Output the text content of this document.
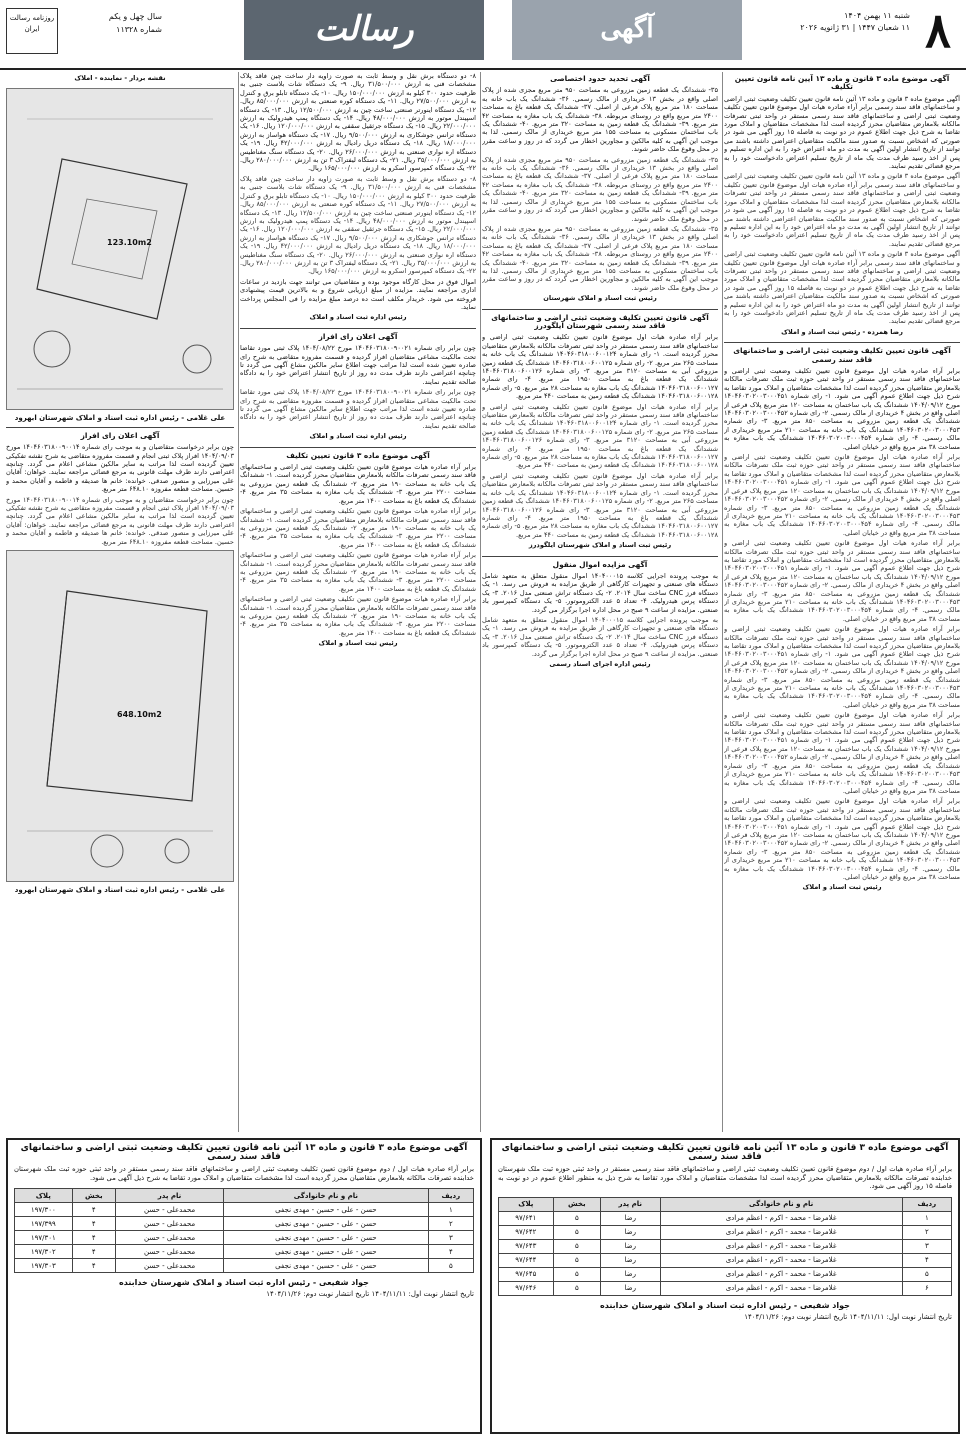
۸
شنبه ۱۱ بهمن ۱۴۰۴
۱۱ شعبان ۱۴۴۷ | ۳۱ ژانویه ۲۰۲۶
آگهی
رسالت
سال چهل و یکم
شماره ۱۱۳۲۸
روزنامه رسالت ایران
آگهی موضوع ماده ۳ قانون و ماده ۱۳ آیین نامه قانون تعیین تکلیف

آگهی موضوع ماده ۳ قانون و ماده ۱۳ آئین نامه قانون تعیین تکلیف وضعیت ثبتی اراضی و ساختمانهای فاقد سند رسمی برابر آراء صادره هیات اول موضوع قانون تعیین تکلیف وضعیت ثبتی اراضی و ساختمانهای فاقد سند رسمی مستقر در واحد ثبتی تصرفات مالکانه بلامعارض متقاضیان محرز گردیده است لذا مشخصات متقاضیان و املاک مورد تقاضا به شرح ذیل جهت اطلاع عموم در دو نوبت به فاصله ۱۵ روز آگهی می شود در صورتی که اشخاص نسبت به صدور سند مالکیت متقاضیان اعتراضی داشته باشند می توانند از تاریخ انتشار اولین آگهی به مدت دو ماه اعتراض خود را به این اداره تسلیم و پس از اخذ رسید ظرف مدت یک ماه از تاریخ تسلیم اعتراض دادخواست خود را به مرجع قضائی تقدیم نمایند.

آگهی موضوع ماده ۳ قانون و ماده ۱۳ آئین نامه قانون تعیین تکلیف وضعیت ثبتی اراضی و ساختمانهای فاقد سند رسمی برابر آراء صادره هیات اول موضوع قانون تعیین تکلیف وضعیت ثبتی اراضی و ساختمانهای فاقد سند رسمی مستقر در واحد ثبتی تصرفات مالکانه بلامعارض متقاضیان محرز گردیده است لذا مشخصات متقاضیان و املاک مورد تقاضا به شرح ذیل جهت اطلاع عموم در دو نوبت به فاصله ۱۵ روز آگهی می شود در صورتی که اشخاص نسبت به صدور سند مالکیت متقاضیان اعتراضی داشته باشند می توانند از تاریخ انتشار اولین آگهی به مدت دو ماه اعتراض خود را به این اداره تسلیم و پس از اخذ رسید ظرف مدت یک ماه از تاریخ تسلیم اعتراض دادخواست خود را به مرجع قضائی تقدیم نمایند.

آگهی موضوع ماده ۳ قانون و ماده ۱۳ آئین نامه قانون تعیین تکلیف وضعیت ثبتی اراضی و ساختمانهای فاقد سند رسمی برابر آراء صادره هیات اول موضوع قانون تعیین تکلیف وضعیت ثبتی اراضی و ساختمانهای فاقد سند رسمی مستقر در واحد ثبتی تصرفات مالکانه بلامعارض متقاضیان محرز گردیده است لذا مشخصات متقاضیان و املاک مورد تقاضا به شرح ذیل جهت اطلاع عموم در دو نوبت به فاصله ۱۵ روز آگهی می شود در صورتی که اشخاص نسبت به صدور سند مالکیت متقاضیان اعتراضی داشته باشند می توانند از تاریخ انتشار اولین آگهی به مدت دو ماه اعتراض خود را به این اداره تسلیم و پس از اخذ رسید ظرف مدت یک ماه از تاریخ تسلیم اعتراض دادخواست خود را به مرجع قضائی تقدیم نمایند.

رضا همرده - رئیس ثبت اسناد و املاک
آگهی قانون تعیین تکلیف وضعیت ثبتی اراضی و ساختمانهای فاقد سند رسمی

برابر آراء صادره هیات اول موضوع قانون تعیین تکلیف وضعیت ثبتی اراضی و ساختمانهای فاقد سند رسمی مستقر در واحد ثبتی حوزه ثبت ملک تصرفات مالکانه بلامعارض متقاضیان محرز گردیده است لذا مشخصات متقاضیان و املاک مورد تقاضا به شرح ذیل جهت اطلاع عموم آگهی می شود. ۱- رای شماره ۱۴۰۴۶۰۳۰۲۰۰۳۰۰۰۴۵۱ مورخ ۱۴۰۴/۰۹/۱۲ ششدانگ یک باب ساختمان به مساحت ۱۲۰ متر مربع پلاک فرعی از اصلی واقع در بخش ۴ خریداری از مالک رسمی. ۲- رای شماره ۱۴۰۴۶۰۳۰۲۰۰۳۰۰۰۴۵۲ ششدانگ یک قطعه زمین مزروعی به مساحت ۸۵۰ متر مربع. ۳- رای شماره ۱۴۰۴۶۰۳۰۲۰۰۳۰۰۰۴۵۳ ششدانگ یک باب خانه به مساحت ۲۱۰ متر مربع خریداری از مالک رسمی. ۴- رای شماره ۱۴۰۴۶۰۳۰۲۰۰۳۰۰۰۴۵۴ ششدانگ یک باب مغازه به مساحت ۳۸ متر مربع واقع در خیابان اصلی.

برابر آراء صادره هیات اول موضوع قانون تعیین تکلیف وضعیت ثبتی اراضی و ساختمانهای فاقد سند رسمی مستقر در واحد ثبتی حوزه ثبت ملک تصرفات مالکانه بلامعارض متقاضیان محرز گردیده است لذا مشخصات متقاضیان و املاک مورد تقاضا به شرح ذیل جهت اطلاع عموم آگهی می شود. ۱- رای شماره ۱۴۰۴۶۰۳۰۲۰۰۳۰۰۰۴۵۱ مورخ ۱۴۰۴/۰۹/۱۲ ششدانگ یک باب ساختمان به مساحت ۱۲۰ متر مربع پلاک فرعی از اصلی واقع در بخش ۴ خریداری از مالک رسمی. ۲- رای شماره ۱۴۰۴۶۰۳۰۲۰۰۳۰۰۰۴۵۲ ششدانگ یک قطعه زمین مزروعی به مساحت ۸۵۰ متر مربع. ۳- رای شماره ۱۴۰۴۶۰۳۰۲۰۰۳۰۰۰۴۵۳ ششدانگ یک باب خانه به مساحت ۲۱۰ متر مربع خریداری از مالک رسمی. ۴- رای شماره ۱۴۰۴۶۰۳۰۲۰۰۳۰۰۰۴۵۴ ششدانگ یک باب مغازه به مساحت ۳۸ متر مربع واقع در خیابان اصلی.

برابر آراء صادره هیات اول موضوع قانون تعیین تکلیف وضعیت ثبتی اراضی و ساختمانهای فاقد سند رسمی مستقر در واحد ثبتی حوزه ثبت ملک تصرفات مالکانه بلامعارض متقاضیان محرز گردیده است لذا مشخصات متقاضیان و املاک مورد تقاضا به شرح ذیل جهت اطلاع عموم آگهی می شود. ۱- رای شماره ۱۴۰۴۶۰۳۰۲۰۰۳۰۰۰۴۵۱ مورخ ۱۴۰۴/۰۹/۱۲ ششدانگ یک باب ساختمان به مساحت ۱۲۰ متر مربع پلاک فرعی از اصلی واقع در بخش ۴ خریداری از مالک رسمی. ۲- رای شماره ۱۴۰۴۶۰۳۰۲۰۰۳۰۰۰۴۵۲ ششدانگ یک قطعه زمین مزروعی به مساحت ۸۵۰ متر مربع. ۳- رای شماره ۱۴۰۴۶۰۳۰۲۰۰۳۰۰۰۴۵۳ ششدانگ یک باب خانه به مساحت ۲۱۰ متر مربع خریداری از مالک رسمی. ۴- رای شماره ۱۴۰۴۶۰۳۰۲۰۰۳۰۰۰۴۵۴ ششدانگ یک باب مغازه به مساحت ۳۸ متر مربع واقع در خیابان اصلی.

برابر آراء صادره هیات اول موضوع قانون تعیین تکلیف وضعیت ثبتی اراضی و ساختمانهای فاقد سند رسمی مستقر در واحد ثبتی حوزه ثبت ملک تصرفات مالکانه بلامعارض متقاضیان محرز گردیده است لذا مشخصات متقاضیان و املاک مورد تقاضا به شرح ذیل جهت اطلاع عموم آگهی می شود. ۱- رای شماره ۱۴۰۴۶۰۳۰۲۰۰۳۰۰۰۴۵۱ مورخ ۱۴۰۴/۰۹/۱۲ ششدانگ یک باب ساختمان به مساحت ۱۲۰ متر مربع پلاک فرعی از اصلی واقع در بخش ۴ خریداری از مالک رسمی. ۲- رای شماره ۱۴۰۴۶۰۳۰۲۰۰۳۰۰۰۴۵۲ ششدانگ یک قطعه زمین مزروعی به مساحت ۸۵۰ متر مربع. ۳- رای شماره ۱۴۰۴۶۰۳۰۲۰۰۳۰۰۰۴۵۳ ششدانگ یک باب خانه به مساحت ۲۱۰ متر مربع خریداری از مالک رسمی. ۴- رای شماره ۱۴۰۴۶۰۳۰۲۰۰۳۰۰۰۴۵۴ ششدانگ یک باب مغازه به مساحت ۳۸ متر مربع واقع در خیابان اصلی.

برابر آراء صادره هیات اول موضوع قانون تعیین تکلیف وضعیت ثبتی اراضی و ساختمانهای فاقد سند رسمی مستقر در واحد ثبتی حوزه ثبت ملک تصرفات مالکانه بلامعارض متقاضیان محرز گردیده است لذا مشخصات متقاضیان و املاک مورد تقاضا به شرح ذیل جهت اطلاع عموم آگهی می شود. ۱- رای شماره ۱۴۰۴۶۰۳۰۲۰۰۳۰۰۰۴۵۱ مورخ ۱۴۰۴/۰۹/۱۲ ششدانگ یک باب ساختمان به مساحت ۱۲۰ متر مربع پلاک فرعی از اصلی واقع در بخش ۴ خریداری از مالک رسمی. ۲- رای شماره ۱۴۰۴۶۰۳۰۲۰۰۳۰۰۰۴۵۲ ششدانگ یک قطعه زمین مزروعی به مساحت ۸۵۰ متر مربع. ۳- رای شماره ۱۴۰۴۶۰۳۰۲۰۰۳۰۰۰۴۵۳ ششدانگ یک باب خانه به مساحت ۲۱۰ متر مربع خریداری از مالک رسمی. ۴- رای شماره ۱۴۰۴۶۰۳۰۲۰۰۳۰۰۰۴۵۴ ششدانگ یک باب مغازه به مساحت ۳۸ متر مربع واقع در خیابان اصلی.

برابر آراء صادره هیات اول موضوع قانون تعیین تکلیف وضعیت ثبتی اراضی و ساختمانهای فاقد سند رسمی مستقر در واحد ثبتی حوزه ثبت ملک تصرفات مالکانه بلامعارض متقاضیان محرز گردیده است لذا مشخصات متقاضیان و املاک مورد تقاضا به شرح ذیل جهت اطلاع عموم آگهی می شود. ۱- رای شماره ۱۴۰۴۶۰۳۰۲۰۰۳۰۰۰۴۵۱ مورخ ۱۴۰۴/۰۹/۱۲ ششدانگ یک باب ساختمان به مساحت ۱۲۰ متر مربع پلاک فرعی از اصلی واقع در بخش ۴ خریداری از مالک رسمی. ۲- رای شماره ۱۴۰۴۶۰۳۰۲۰۰۳۰۰۰۴۵۲ ششدانگ یک قطعه زمین مزروعی به مساحت ۸۵۰ متر مربع. ۳- رای شماره ۱۴۰۴۶۰۳۰۲۰۰۳۰۰۰۴۵۳ ششدانگ یک باب خانه به مساحت ۲۱۰ متر مربع خریداری از مالک رسمی. ۴- رای شماره ۱۴۰۴۶۰۳۰۲۰۰۳۰۰۰۴۵۴ ششدانگ یک باب مغازه به مساحت ۳۸ متر مربع واقع در خیابان اصلی.

رئیس ثبت اسناد و املاک
آگهی تحدید حدود اختصاصی

۳۵- ششدانگ یک قطعه زمین مزروعی به مساحت ۹۵۰ متر مربع مجزی شده از پلاک اصلی واقع در بخش ۱۳ خریداری از مالک رسمی. ۳۶- ششدانگ یک باب خانه به مساحت ۱۸۰ متر مربع پلاک فرعی از اصلی. ۳۷- ششدانگ یک قطعه باغ به مساحت ۲۴۰۰ متر مربع واقع در روستای مربوطه. ۳۸- ششدانگ یک باب مغازه به مساحت ۴۲ متر مربع. ۳۹- ششدانگ یک قطعه زمین به مساحت ۳۲۰ متر مربع. ۴۰- ششدانگ یک باب ساختمان مسکونی به مساحت ۱۵۵ متر مربع خریداری از مالک رسمی. لذا به موجب این آگهی به کلیه مالکین و مجاورین اخطار می گردد که در روز و ساعت مقرر در محل وقوع ملک حاضر شوند.

۳۵- ششدانگ یک قطعه زمین مزروعی به مساحت ۹۵۰ متر مربع مجزی شده از پلاک اصلی واقع در بخش ۱۳ خریداری از مالک رسمی. ۳۶- ششدانگ یک باب خانه به مساحت ۱۸۰ متر مربع پلاک فرعی از اصلی. ۳۷- ششدانگ یک قطعه باغ به مساحت ۲۴۰۰ متر مربع واقع در روستای مربوطه. ۳۸- ششدانگ یک باب مغازه به مساحت ۴۲ متر مربع. ۳۹- ششدانگ یک قطعه زمین به مساحت ۳۲۰ متر مربع. ۴۰- ششدانگ یک باب ساختمان مسکونی به مساحت ۱۵۵ متر مربع خریداری از مالک رسمی. لذا به موجب این آگهی به کلیه مالکین و مجاورین اخطار می گردد که در روز و ساعت مقرر در محل وقوع ملک حاضر شوند.

۳۵- ششدانگ یک قطعه زمین مزروعی به مساحت ۹۵۰ متر مربع مجزی شده از پلاک اصلی واقع در بخش ۱۳ خریداری از مالک رسمی. ۳۶- ششدانگ یک باب خانه به مساحت ۱۸۰ متر مربع پلاک فرعی از اصلی. ۳۷- ششدانگ یک قطعه باغ به مساحت ۲۴۰۰ متر مربع واقع در روستای مربوطه. ۳۸- ششدانگ یک باب مغازه به مساحت ۴۲ متر مربع. ۳۹- ششدانگ یک قطعه زمین به مساحت ۳۲۰ متر مربع. ۴۰- ششدانگ یک باب ساختمان مسکونی به مساحت ۱۵۵ متر مربع خریداری از مالک رسمی. لذا به موجب این آگهی به کلیه مالکین و مجاورین اخطار می گردد که در روز و ساعت مقرر در محل وقوع ملک حاضر شوند.

رئیس ثبت اسناد و املاک شهرستان
آگهی قانون تعیین تکلیف وضعیت ثبتی اراضی و ساختمانهای فاقد سند رسمی شهرستان ایلگودرز

برابر آراء صادره هیات اول موضوع قانون تعیین تکلیف وضعیت ثبتی اراضی و ساختمانهای فاقد سند رسمی مستقر در واحد ثبتی تصرفات مالکانه بلامعارض متقاضیان محرز گردیده است. ۱- رای شماره ۱۴۰۴۶۰۳۱۸۰۰۶۰۰۱۲۴ ششدانگ یک باب خانه به مساحت ۲۶۵ متر مربع. ۲- رای شماره ۱۴۰۴۶۰۳۱۸۰۰۶۰۰۱۲۵ ششدانگ یک قطعه زمین مزروعی آبی به مساحت ۳۱۲۰ متر مربع. ۳- رای شماره ۱۴۰۴۶۰۳۱۸۰۰۶۰۰۱۲۶ ششدانگ یک قطعه باغ به مساحت ۱۹۵۰ متر مربع. ۴- رای شماره ۱۴۰۴۶۰۳۱۸۰۰۶۰۰۱۲۷ ششدانگ یک باب مغازه به مساحت ۲۸ متر مربع. ۵- رای شماره ۱۴۰۴۶۰۳۱۸۰۰۶۰۰۱۲۸ ششدانگ یک قطعه زمین به مساحت ۴۴۰ متر مربع.

برابر آراء صادره هیات اول موضوع قانون تعیین تکلیف وضعیت ثبتی اراضی و ساختمانهای فاقد سند رسمی مستقر در واحد ثبتی تصرفات مالکانه بلامعارض متقاضیان محرز گردیده است. ۱- رای شماره ۱۴۰۴۶۰۳۱۸۰۰۶۰۰۱۲۴ ششدانگ یک باب خانه به مساحت ۲۶۵ متر مربع. ۲- رای شماره ۱۴۰۴۶۰۳۱۸۰۰۶۰۰۱۲۵ ششدانگ یک قطعه زمین مزروعی آبی به مساحت ۳۱۲۰ متر مربع. ۳- رای شماره ۱۴۰۴۶۰۳۱۸۰۰۶۰۰۱۲۶ ششدانگ یک قطعه باغ به مساحت ۱۹۵۰ متر مربع. ۴- رای شماره ۱۴۰۴۶۰۳۱۸۰۰۶۰۰۱۲۷ ششدانگ یک باب مغازه به مساحت ۲۸ متر مربع. ۵- رای شماره ۱۴۰۴۶۰۳۱۸۰۰۶۰۰۱۲۸ ششدانگ یک قطعه زمین به مساحت ۴۴۰ متر مربع.

برابر آراء صادره هیات اول موضوع قانون تعیین تکلیف وضعیت ثبتی اراضی و ساختمانهای فاقد سند رسمی مستقر در واحد ثبتی تصرفات مالکانه بلامعارض متقاضیان محرز گردیده است. ۱- رای شماره ۱۴۰۴۶۰۳۱۸۰۰۶۰۰۱۲۴ ششدانگ یک باب خانه به مساحت ۲۶۵ متر مربع. ۲- رای شماره ۱۴۰۴۶۰۳۱۸۰۰۶۰۰۱۲۵ ششدانگ یک قطعه زمین مزروعی آبی به مساحت ۳۱۲۰ متر مربع. ۳- رای شماره ۱۴۰۴۶۰۳۱۸۰۰۶۰۰۱۲۶ ششدانگ یک قطعه باغ به مساحت ۱۹۵۰ متر مربع. ۴- رای شماره ۱۴۰۴۶۰۳۱۸۰۰۶۰۰۱۲۷ ششدانگ یک باب مغازه به مساحت ۲۸ متر مربع. ۵- رای شماره ۱۴۰۴۶۰۳۱۸۰۰۶۰۰۱۲۸ ششدانگ یک قطعه زمین به مساحت ۴۴۰ متر مربع.

رئیس ثبت اسناد و املاک شهرستان ایلگودرز
آگهی مزایده اموال منقول

به موجب پرونده اجرایی کلاسه ۱۴۰۴۰۰۰۱۵ اموال منقول متعلق به متعهد شامل دستگاه های صنعتی و تجهیزات کارگاهی از طریق مزایده به فروش می رسد. ۱- یک دستگاه فرز CNC ساخت سال ۲۰۱۴. ۲- یک دستگاه تراش صنعتی مدل ۲۰۱۶. ۳- یک دستگاه پرس هیدرولیک. ۴- تعداد ۵ عدد الکتروموتور. ۵- یک دستگاه کمپرسور باد صنعتی. مزایده از ساعت ۹ صبح در محل اداره اجرا برگزار می گردد.

به موجب پرونده اجرایی کلاسه ۱۴۰۴۰۰۰۱۵ اموال منقول متعلق به متعهد شامل دستگاه های صنعتی و تجهیزات کارگاهی از طریق مزایده به فروش می رسد. ۱- یک دستگاه فرز CNC ساخت سال ۲۰۱۴. ۲- یک دستگاه تراش صنعتی مدل ۲۰۱۶. ۳- یک دستگاه پرس هیدرولیک. ۴- تعداد ۵ عدد الکتروموتور. ۵- یک دستگاه کمپرسور باد صنعتی. مزایده از ساعت ۹ صبح در محل اداره اجرا برگزار می گردد.

رئیس اداره اجرای اسناد رسمی

۸- دو دستگاه برش نقل و وسط ثابت به صورت زاویه دار ساخت چین فاقد پلاک مشخصات فنی به ارزش ۳۱/۵۰۰/۰۰۰ ریال. ۹- یک دستگاه شات بلاست جنبی به ظرفیت حدود ۳۰۰ کیلو به ارزش ۱۵۰/۰۰۰/۰۰۰ ریال. ۱۰- یک دستگاه تابلو برق و کنترل به ارزش ۲۷/۵۰۰/۰۰۰ ریال. ۱۱- یک دستگاه کوره صنعتی به ارزش ۸۵/۰۰۰/۰۰۰ ریال. ۱۲- یک دستگاه اینورتر صنعتی ساخت چین به ارزش ۱۲/۵۰۰/۰۰۰ ریال. ۱۳- یک دستگاه اسپیندل موتور به ارزش ۴۸/۰۰۰/۰۰۰ ریال. ۱۴- یک دستگاه پمپ هیدرولیک به ارزش ۲۲/۰۰۰/۰۰۰ ریال. ۱۵- یک دستگاه جرثقیل سقفی به ارزش ۱۲۰/۰۰۰/۰۰۰ ریال. ۱۶- یک دستگاه ترانس جوشکاری به ارزش ۹/۵۰۰/۰۰۰ ریال. ۱۷- یک دستگاه هواساز به ارزش ۱۸/۰۰۰/۰۰۰ ریال. ۱۸- یک دستگاه دریل رادیال به ارزش ۴۲/۰۰۰/۰۰۰ ریال. ۱۹- یک دستگاه اره نواری صنعتی به ارزش ۲۶/۰۰۰/۰۰۰ ریال. ۲۰- یک دستگاه سنگ مغناطیس به ارزش ۳۵/۰۰۰/۰۰۰ ریال. ۲۱- یک دستگاه لیفتراک ۳ تن به ارزش ۲۸۰/۰۰۰/۰۰۰ ریال. ۲۲- یک دستگاه کمپرسور اسکرو به ارزش ۱۶۵/۰۰۰/۰۰۰ ریال.

۸- دو دستگاه برش نقل و وسط ثابت به صورت زاویه دار ساخت چین فاقد پلاک مشخصات فنی به ارزش ۳۱/۵۰۰/۰۰۰ ریال. ۹- یک دستگاه شات بلاست جنبی به ظرفیت حدود ۳۰۰ کیلو به ارزش ۱۵۰/۰۰۰/۰۰۰ ریال. ۱۰- یک دستگاه تابلو برق و کنترل به ارزش ۲۷/۵۰۰/۰۰۰ ریال. ۱۱- یک دستگاه کوره صنعتی به ارزش ۸۵/۰۰۰/۰۰۰ ریال. ۱۲- یک دستگاه اینورتر صنعتی ساخت چین به ارزش ۱۲/۵۰۰/۰۰۰ ریال. ۱۳- یک دستگاه اسپیندل موتور به ارزش ۴۸/۰۰۰/۰۰۰ ریال. ۱۴- یک دستگاه پمپ هیدرولیک به ارزش ۲۲/۰۰۰/۰۰۰ ریال. ۱۵- یک دستگاه جرثقیل سقفی به ارزش ۱۲۰/۰۰۰/۰۰۰ ریال. ۱۶- یک دستگاه ترانس جوشکاری به ارزش ۹/۵۰۰/۰۰۰ ریال. ۱۷- یک دستگاه هواساز به ارزش ۱۸/۰۰۰/۰۰۰ ریال. ۱۸- یک دستگاه دریل رادیال به ارزش ۴۲/۰۰۰/۰۰۰ ریال. ۱۹- یک دستگاه اره نواری صنعتی به ارزش ۲۶/۰۰۰/۰۰۰ ریال. ۲۰- یک دستگاه سنگ مغناطیس به ارزش ۳۵/۰۰۰/۰۰۰ ریال. ۲۱- یک دستگاه لیفتراک ۳ تن به ارزش ۲۸۰/۰۰۰/۰۰۰ ریال. ۲۲- یک دستگاه کمپرسور اسکرو به ارزش ۱۶۵/۰۰۰/۰۰۰ ریال.

اموال فوق در محل کارگاه موجود بوده و متقاضیان می توانند جهت بازدید در ساعات اداری مراجعه نمایند. مزایده از مبلغ ارزیابی شروع و به بالاترین قیمت پیشنهادی فروخته می شود. خریدار مکلف است ده درصد مبلغ مزایده را فی المجلس پرداخت نماید.

رئیس اداره ثبت اسناد و املاک
آگهی اعلان رای افراز

چون برابر رای شماره ۱۴۰۴۶۰۳۱۸۰۰۹۰۰۲۱ مورخ ۱۴۰۴/۰۸/۲۲ پلاک ثبتی مورد تقاضا تحت مالکیت مشاعی متقاضیان افراز گردیده و قسمت مفروزه متقاضی به شرح رای صادره تعیین شده است لذا مراتب جهت اطلاع سایر مالکین مشاع آگهی می گردد تا چنانچه اعتراضی دارند ظرف مدت ده روز از تاریخ انتشار اعتراض خود را به دادگاه صالحه تقدیم نمایند.

چون برابر رای شماره ۱۴۰۴۶۰۳۱۸۰۰۹۰۰۲۱ مورخ ۱۴۰۴/۰۸/۲۲ پلاک ثبتی مورد تقاضا تحت مالکیت مشاعی متقاضیان افراز گردیده و قسمت مفروزه متقاضی به شرح رای صادره تعیین شده است لذا مراتب جهت اطلاع سایر مالکین مشاع آگهی می گردد تا چنانچه اعتراضی دارند ظرف مدت ده روز از تاریخ انتشار اعتراض خود را به دادگاه صالحه تقدیم نمایند.

رئیس اداره ثبت اسناد و املاک
آگهی موضوع ماده ۳ قانون تعیین تکلیف

برابر آراء صادره هیات موضوع قانون تعیین تکلیف وضعیت ثبتی اراضی و ساختمانهای فاقد سند رسمی تصرفات مالکانه بلامعارض متقاضیان محرز گردیده است. ۱- ششدانگ یک باب خانه به مساحت ۱۹۰ متر مربع. ۲- ششدانگ یک قطعه زمین مزروعی به مساحت ۲۲۰۰ متر مربع. ۳- ششدانگ یک باب مغازه به مساحت ۳۵ متر مربع. ۴- ششدانگ یک قطعه باغ به مساحت ۱۴۰۰ متر مربع.

برابر آراء صادره هیات موضوع قانون تعیین تکلیف وضعیت ثبتی اراضی و ساختمانهای فاقد سند رسمی تصرفات مالکانه بلامعارض متقاضیان محرز گردیده است. ۱- ششدانگ یک باب خانه به مساحت ۱۹۰ متر مربع. ۲- ششدانگ یک قطعه زمین مزروعی به مساحت ۲۲۰۰ متر مربع. ۳- ششدانگ یک باب مغازه به مساحت ۳۵ متر مربع. ۴- ششدانگ یک قطعه باغ به مساحت ۱۴۰۰ متر مربع.

برابر آراء صادره هیات موضوع قانون تعیین تکلیف وضعیت ثبتی اراضی و ساختمانهای فاقد سند رسمی تصرفات مالکانه بلامعارض متقاضیان محرز گردیده است. ۱- ششدانگ یک باب خانه به مساحت ۱۹۰ متر مربع. ۲- ششدانگ یک قطعه زمین مزروعی به مساحت ۲۲۰۰ متر مربع. ۳- ششدانگ یک باب مغازه به مساحت ۳۵ متر مربع. ۴- ششدانگ یک قطعه باغ به مساحت ۱۴۰۰ متر مربع.

برابر آراء صادره هیات موضوع قانون تعیین تکلیف وضعیت ثبتی اراضی و ساختمانهای فاقد سند رسمی تصرفات مالکانه بلامعارض متقاضیان محرز گردیده است. ۱- ششدانگ یک باب خانه به مساحت ۱۹۰ متر مربع. ۲- ششدانگ یک قطعه زمین مزروعی به مساحت ۲۲۰۰ متر مربع. ۳- ششدانگ یک باب مغازه به مساحت ۳۵ متر مربع. ۴- ششدانگ یک قطعه باغ به مساحت ۱۴۰۰ متر مربع.

رئیس ثبت اسناد و املاک
نقشه بردار - نماینده - املاک
123.10m2
علی غلامی - رئیس اداره ثبت اسناد و املاک شهرستان ابهرود
آگهی اعلان رای افراز

چون برابر درخواست متقاضیان و به موجب رای شماره ۱۴۰۴۶۰۳۱۸۰۰۹۰۰۱۴ مورخ ۱۴۰۴/۰۹/۰۳ افراز پلاک ثبتی انجام و قسمت مفروزه متقاضی به شرح نقشه تفکیکی تعیین گردیده است لذا مراتب به سایر مالکین مشاعی اعلام می گردد. چنانچه اعتراضی دارند ظرف مهلت قانونی به مرجع قضائی مراجعه نمایند. خواهان: آقایان علی میرزایی و منصور صدقی. خوانده: خانم ها صدیقه و فاطمه و آقایان محمد و حسین. مساحت قطعه مفروزه ۶۴۸.۱۰ متر مربع.

چون برابر درخواست متقاضیان و به موجب رای شماره ۱۴۰۴۶۰۳۱۸۰۰۹۰۰۱۴ مورخ ۱۴۰۴/۰۹/۰۳ افراز پلاک ثبتی انجام و قسمت مفروزه متقاضی به شرح نقشه تفکیکی تعیین گردیده است لذا مراتب به سایر مالکین مشاعی اعلام می گردد. چنانچه اعتراضی دارند ظرف مهلت قانونی به مرجع قضائی مراجعه نمایند. خواهان: آقایان علی میرزایی و منصور صدقی. خوانده: خانم ها صدیقه و فاطمه و آقایان محمد و حسین. مساحت قطعه مفروزه ۶۴۸.۱۰ متر مربع.

648.10m2
علی غلامی - رئیس اداره ثبت اسناد و املاک شهرستان ابهرود
آگهی موضوع ماده ۳ قانون و ماده ۱۳ آئین نامه قانون تعیین تکلیف وضعیت ثبتی اراضی و ساختمانهای فاقد سند رسمی
برابر آراء صادره هیات اول / دوم موضوع قانون تعیین تکلیف وضعیت ثبتی اراضی و ساختمانهای فاقد سند رسمی مستقر در واحد ثبتی حوزه ثبت ملک شهرستان خدابنده تصرفات مالکانه بلامعارض متقاضیان محرز گردیده است لذا مشخصات متقاضیان و املاک مورد تقاضا به شرح ذیل به منظور اطلاع عموم در دو نوبت به فاصله ۱۵ روز آگهی می شود.
ردیف	نام و نام خانوادگی	نام پدر	بخش	پلاک
۱	غلامرضا - محمد - اکرم - اعظم مرادی	رضا	۵	۹۷/۶۴۱
۲	غلامرضا - محمد - اکرم - اعظم مرادی	رضا	۵	۹۷/۶۴۲
۳	غلامرضا - محمد - اکرم - اعظم مرادی	رضا	۵	۹۷/۶۴۳
۴	غلامرضا - محمد - اکرم - اعظم مرادی	رضا	۵	۹۷/۶۴۴
۵	غلامرضا - محمد - اکرم - اعظم مرادی	رضا	۵	۹۷/۶۴۵
۶	غلامرضا - محمد - اکرم - اعظم مرادی	رضا	۵	۹۷/۶۴۶
جواد شفیعی - رئیس اداره ثبت اسناد و املاک شهرستان خدابنده
تاریخ انتشار نوبت اول: ۱۴۰۴/۱۱/۱۱ تاریخ انتشار نوبت دوم: ۱۴۰۴/۱۱/۲۶
آگهی موضوع ماده ۳ قانون و ماده ۱۳ آئین نامه قانون تعیین تکلیف وضعیت ثبتی اراضی و ساختمانهای فاقد سند رسمی
برابر آراء صادره هیات اول / دوم موضوع قانون تعیین تکلیف وضعیت ثبتی اراضی و ساختمانهای فاقد سند رسمی مستقر در واحد ثبتی حوزه ثبت ملک شهرستان خدابنده تصرفات مالکانه بلامعارض متقاضیان محرز گردیده است لذا مشخصات متقاضیان و املاک مورد تقاضا به شرح ذیل آگهی می شود.
ردیف	نام و نام خانوادگی	نام پدر	بخش	پلاک
۱	حسن - علی - حسین - مهدی نجفی	محمدعلی - حسن	۴	۱۹۷/۳۰۰
۲	حسن - علی - حسین - مهدی نجفی	محمدعلی - حسن	۴	۱۹۷/۳۹۹
۳	حسن - علی - حسین - مهدی نجفی	محمدعلی - حسن	۴	۱۹۷/۳۰۱
۴	حسن - علی - حسین - مهدی نجفی	محمدعلی - حسن	۴	۱۹۷/۳۰۲
۵	حسن - علی - حسین - مهدی نجفی	محمدعلی - حسن	۴	۱۹۷/۳۰۳
جواد شفیعی - رئیس اداره ثبت اسناد و املاک شهرستان خدابنده
تاریخ انتشار نوبت اول: ۱۴۰۴/۱۱/۱۱ تاریخ انتشار نوبت دوم: ۱۴۰۴/۱۱/۲۶
